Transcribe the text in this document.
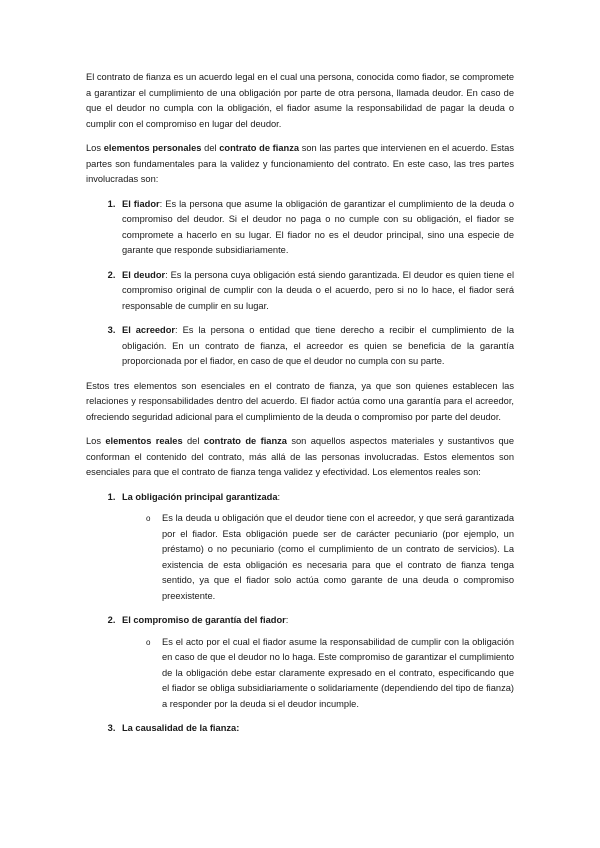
El contrato de fianza es un acuerdo legal en el cual una persona, conocida como fiador, se compromete a garantizar el cumplimiento de una obligación por parte de otra persona, llamada deudor. En caso de que el deudor no cumpla con la obligación, el fiador asume la responsabilidad de pagar la deuda o cumplir con el compromiso en lugar del deudor.

Los elementos personales del contrato de fianza son las partes que intervienen en el acuerdo. Estas partes son fundamentales para la validez y funcionamiento del contrato. En este caso, las tres partes involucradas son:

1. El fiador: Es la persona que asume la obligación de garantizar el cumplimiento de la deuda o compromiso del deudor. Si el deudor no paga o no cumple con su obligación, el fiador se compromete a hacerlo en su lugar. El fiador no es el deudor principal, sino una especie de garante que responde subsidiariamente.
2. El deudor: Es la persona cuya obligación está siendo garantizada. El deudor es quien tiene el compromiso original de cumplir con la deuda o el acuerdo, pero si no lo hace, el fiador será responsable de cumplir en su lugar.
3. El acreedor: Es la persona o entidad que tiene derecho a recibir el cumplimiento de la obligación. En un contrato de fianza, el acreedor es quien se beneficia de la garantía proporcionada por el fiador, en caso de que el deudor no cumpla con su parte.

Estos tres elementos son esenciales en el contrato de fianza, ya que son quienes establecen las relaciones y responsabilidades dentro del acuerdo. El fiador actúa como una garantía para el acreedor, ofreciendo seguridad adicional para el cumplimiento de la deuda o compromiso por parte del deudor.

Los elementos reales del contrato de fianza son aquellos aspectos materiales y sustantivos que conforman el contenido del contrato, más allá de las personas involucradas. Estos elementos son esenciales para que el contrato de fianza tenga validez y efectividad. Los elementos reales son:

1. La obligación principal garantizada:
o Es la deuda u obligación que el deudor tiene con el acreedor, y que será garantizada por el fiador. Esta obligación puede ser de carácter pecuniario (por ejemplo, un préstamo) o no pecuniario (como el cumplimiento de un contrato de servicios). La existencia de esta obligación es necesaria para que el contrato de fianza tenga sentido, ya que el fiador solo actúa como garante de una deuda o compromiso preexistente.
2. El compromiso de garantía del fiador:
o Es el acto por el cual el fiador asume la responsabilidad de cumplir con la obligación en caso de que el deudor no lo haga. Este compromiso de garantizar el cumplimiento de la obligación debe estar claramente expresado en el contrato, especificando que el fiador se obliga subsidiariamente o solidariamente (dependiendo del tipo de fianza) a responder por la deuda si el deudor incumple.
3. La causalidad de la fianza:
